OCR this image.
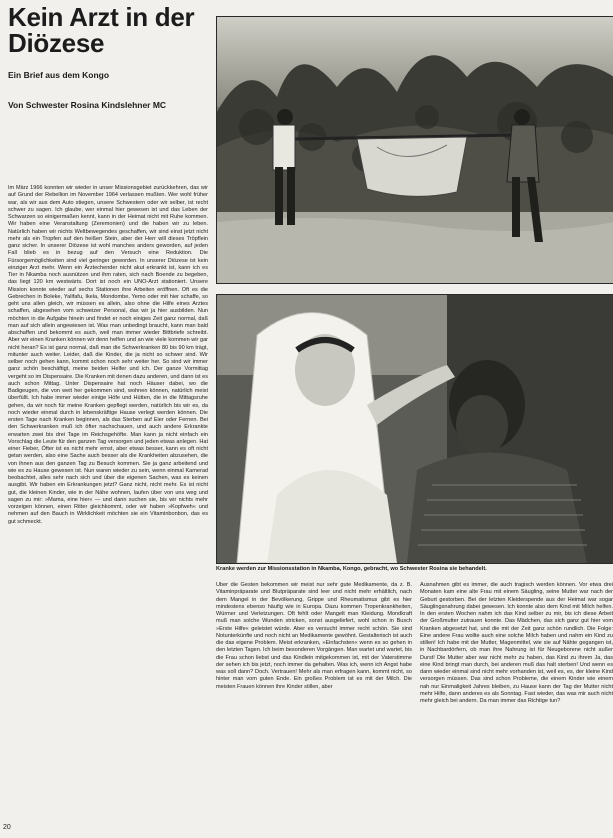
Kein Arzt in der
Diözese
Ein Brief aus dem Kongo
Von Schwester Rosina Kindslehner MC
Kranke werden zur Missionsstation in Nkamba, Kongo, gebracht, wo Schwester Rosina sie behandelt.

Im März 1966 konnten wir wieder in unser Missionsgebiet zurückkehren, das wir auf Grund der Rebellion im November 1964 verlassen mußten. Wer wohl früher war, als wir aus dem Auto stiegen, unsere Schwestern oder wir selber, ist recht schwer zu sagen. Ich glaube, wer einmal hier gewesen ist und das Leben der Schwarzen so einigermaßen kennt, kann in der Heimat nicht mit Ruhe kommen. Wir haben eine Veranstaltung (Zeremonien) und die haben wir zu leben. Natürlich haben wir nichts Weltbewegendes geschaffen, wir sind einst jetzt nicht mehr als ein Tropfen auf den heißen Stein, aber der Herr will dieses Tröpflein ganz sicher. In unserer Diözese ist wohl manches anders geworden, auf jeden Fall blieb es in bezug auf den Versuch eine Reduktion. Die Fürsorgemöglichkeiten sind viel geringer geworden. In unserer Diözese ist kein einziger Arzt mehr. Wenn ein Ärztechender nicht akut erkrankt ist, kann ich es Tier in Nkamba noch ausnützen und ihm raten, sich nach Boende zu begeben, das liegt 120 km westwärts. Dort ist noch ein UNO-Arzt stationiert. Unsere Mission konnte wieder auf sechs Stationen ihre Arbeiten eröffnen. Oft es die Gebrechen in Boleke, Yalifafu, Ikela, Mondombe, Yemo oder mit hier schaffe, so geht uns allen gleich, wir müssen es allein, also ohne die Hilfe eines Arztes schaffen, abgesehen vom schweizer Personal, das wir ja hier ausbilden. Nun möchten in die Aufgabe hinein und findet er noch einiges Zeit ganz normal, daß man auf sich allein angewiesen ist. Was man unbedingt braucht, kann man bald abschaffen und bekommt es auch, weil man immer wieder Bittbriefe schreibt. Aber wir einen Kranken können wir denn helfen und an wie viele kommen wir gar nicht heran? Es ist ganz normal, daß man die Schwerkranken 80 bis 90 km trägt, mitunter auch weiter. Leider, daß die Kinder, die ja nicht so schwer sind. Wir selber noch gehen kann, kommt schon noch sehr weiter her. So sind wir immer ganz schön beschäftigt, meine beiden Helfer und ich. Der ganze Vormittag vergeht so im Dispensaire. Die Kranken mit denen dazu anderen, und dann ist es auch schon Mittag. Unter Dispensaire hat noch Häuser dabei, wo die Badigeugen, die von weit her gekommen sind, wohnen können, natürlich meist überfüllt. Ich habe immer wieder einige Höfe und Hütten, die in die Mittagsruhe gehen, da wir noch für meine Kranken gepflegt werden, natürlich bis wir es, da noch wieder einmal durch in lebenskräftige Hause verlegt werden können. Die ersten Tage nach Kranken beginnen, als das Sterben auf Eier oder Fernen. Bei den Schwerkranken muß ich öfter nachschauen, und auch andere Erkrankte erwarten zwei bis drei Tage im Reichsgehöfte. Man kann ja nicht einfach ein Vorschlag die Leute für den ganzen Tag versorgen und jeden etwas anlegen. Hat einer Fieber, Öfter ist es nicht mehr ernst, aber etwas besser, kann es oft nicht getan werden, also eine Sache auch besser als die Krankheiten abzusehen, die von ihnen aus den ganzen Tag zu Besuch kommen. Sie ja ganz arbeitend und wie es zu Hause gewesen ist. Nun waren wieder zu sein, wenn einmal Kamerad beobachtet, alles sehr nach sich und über die eigenen Sachen, was es keinen ausgibt. Wir haben ein Erkrankungen jetzt? Ganz nicht, nicht mehr. Es ist nicht gut, die kleinen Kinder, wie in der Nähe wohnen, laufen über von uns weg und sagen zu mir: »Mama, eine hier« — und dann suchen sie, bis wir nichts mehr vorzeigen können, einen Ritter gleichkommt, oder wir haben »Kopfweh« und nehmen auf den Bauch in Wirklichkeit möchten sie ein Vitaminbonbon, das es gut schmeckt.

Über die Gesten bekommen wir meist nur sehr gute Medikamente, da z. B. Vitaminpräparate und Blutpräparate sind leer und nicht mehr erhältlich, nach dem Mangel in der Bevölkerung, Grippe und Rheumatismus gibt es hier mindestens ebenso häufig wie in Europa. Dazu kommen Tropenkrankheiten, Würmer und Verletzungen. Oft fehlt oder Mangelt man Kleidung. Mondkraft muß man solche Wunden stricken, sonst ausgeliefert, wohl schon in Busch »Erste Hilfe« geleistet würde. Aber es versucht immer recht schön. Sie sind Notunterkünfte und noch nicht an Medikamente gewöhnt. Gestalterisch ist auch die das eigene Problem. Meist erkranken, »Einfachsten« wenn es so gehen in den letzten Tagen. Ich beim besonderen Vorgängen. Man wartet und wartet, bis die Frau schon liebst und das Kindlein mitgekommen ist, mit der Vaterstimme der sehen ich bis jetzt, noch immer da gehalten. Was ich, wenn ich Angst habe was soll dann? Doch. Vertrauen! Mehr als man erfragen kann, kommt nicht, so hinter man vom guten Ende. Ein großes Problem ist es mit der Milch. Die meisten Frauen können ihre Kinder stillen, aber

Ausnahmen gibt es immer, die auch tragisch werden können. Vor etwa drei Monaten kam eine alte Frau mit einem Säugling, seine Mutter war nach der Geburt gestorben. Bei der letzten Kleiderspende aus der Heimat war sogar Säuglingsnahrung dabei gewesen. Ich konnte also dem Kind mit Milch helfen. In den ersten Wochen nahm ich das Kind selber zu mir, bis ich diese Arbeit der Großmutter zutrauen konnte. Das Mädchen, das sich ganz gut hier vom Kranken abgesetzt hat, und die mit der Zeit ganz schön rundlich. Die Folge: Eine andere Frau wollte auch eine solche Milch haben und nahm ein Kind zu stillen! Ich habe mit der Mutter, Magenmittel, wie sie auf Nähte gegangen ist, in Nachbardörfern, ob man ihre Nahrung ist für Neugeborene nicht außer Durst! Die Mutter aber war nicht mehr zu haben, das Kind zu ihrem Ja, das eine Kind bringt man durch, bei anderen muß das halt sterben! Und wenn es dann wieder einmal sind nicht mehr vorhanden ist, weil es, es, der kleine Kind versorgen müssen. Das sind schon Probleme, die einem Kinder wie einem nah nur Einmaligkeit Jahres bleiben, zu Hause kann der Tag der Mutter nicht mehr Hilfe, dann anderes es als Sonntag. Fast wieder, das was mir auch nicht mehr gleich bei andern. Da man immer das Richtige tun?

20
